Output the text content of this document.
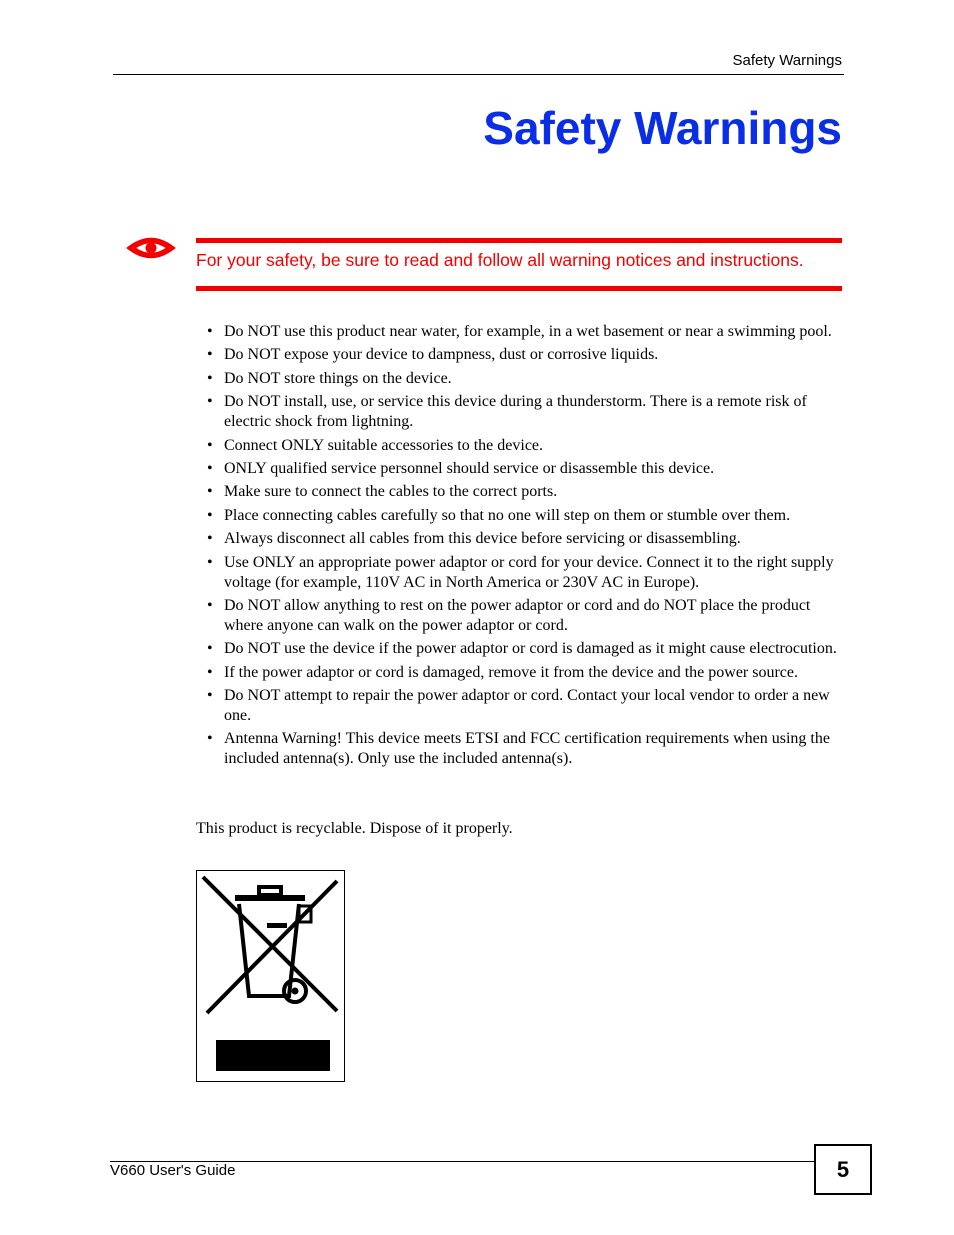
Safety Warnings
Safety Warnings
For your safety, be sure to read and follow all warning notices and instructions.
• Do NOT use this product near water, for example, in a wet basement or near a swimming pool.
• Do NOT expose your device to dampness, dust or corrosive liquids.
• Do NOT store things on the device.
• Do NOT install, use, or service this device during a thunderstorm. There is a remote risk of electric shock from lightning.
• Connect ONLY suitable accessories to the device.
• ONLY qualified service personnel should service or disassemble this device.
• Make sure to connect the cables to the correct ports.
• Place connecting cables carefully so that no one will step on them or stumble over them.
• Always disconnect all cables from this device before servicing or disassembling.
• Use ONLY an appropriate power adaptor or cord for your device. Connect it to the right supply voltage (for example, 110V AC in North America or 230V AC in Europe).
• Do NOT allow anything to rest on the power adaptor or cord and do NOT place the product where anyone can walk on the power adaptor or cord.
• Do NOT use the device if the power adaptor or cord is damaged as it might cause electrocution.
• If the power adaptor or cord is damaged, remove it from the device and the power source.
• Do NOT attempt to repair the power adaptor or cord. Contact your local vendor to order a new one.
• Antenna Warning! This device meets ETSI and FCC certification requirements when using the included antenna(s). Only use the included antenna(s).
This product is recyclable. Dispose of it properly.
V660 User's Guide	5
